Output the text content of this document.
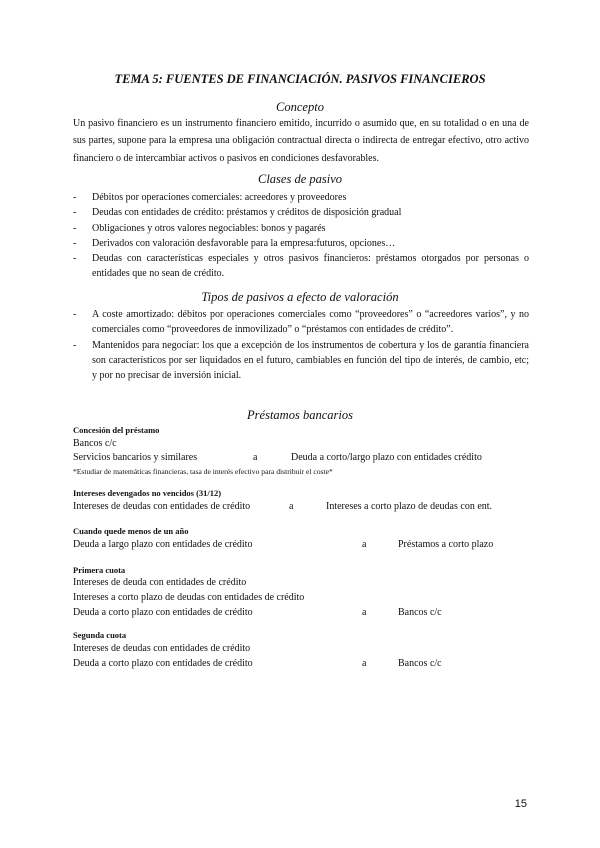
TEMA 5: FUENTES DE FINANCIACIÓN. PASIVOS FINANCIEROS
Concepto
Un pasivo financiero es un instrumento financiero emitido, incurrido o asumido que, en su totalidad o en una de sus partes, supone para la empresa una obligación contractual directa o indirecta de entregar efectivo, otro activo financiero o de intercambiar activos o pasivos en condiciones desfavorables.
Clases de pasivo
- Débitos por operaciones comerciales: acreedores y proveedores
- Deudas con entidades de crédito: préstamos y créditos de disposición gradual
- Obligaciones y otros valores negociables: bonos y pagarés
- Derivados con valoración desfavorable para la empresa:futuros, opciones…
- Deudas con características especiales y otros pasivos financieros: préstamos otorgados por personas o entidades que no sean de crédito.
Tipos de pasivos a efecto de valoración
- A coste amortizado: débitos por operaciones comerciales como “proveedores” o “acreedores varios”, y no comerciales como “proveedores de inmovilizado” o “préstamos con entidades de crédito”.
- Mantenidos para negociar: los que a excepción de los instrumentos de cobertura y los de garantía financiera son característicos por ser liquidados en el futuro, cambiables en función del tipo de interés, de cambio, etc; y por no precisar de inversión inicial.
Préstamos bancarios
Concesión del préstamo
Bancos c/c
Servicios bancarios y similares	a	Deuda a corto/largo plazo con entidades crédito
*Estudiar de matemáticas financieras, tasa de interés efectivo para distribuir el coste*
Intereses devengados no vencidos (31/12)
Intereses de deudas con entidades de crédito	a	Intereses a corto plazo de deudas con ent.
Cuando quede menos de un año
Deuda a largo plazo con entidades de crédito	a	Préstamos a corto plazo
Primera cuota
Intereses de deuda con entidades de crédito
Intereses a corto plazo de deudas con entidades de crédito
Deuda a corto plazo con entidades de crédito	a	Bancos c/c
Segunda cuota
Intereses de deudas con entidades de crédito
Deuda a corto plazo con entidades de crédito	a	Bancos c/c
15
